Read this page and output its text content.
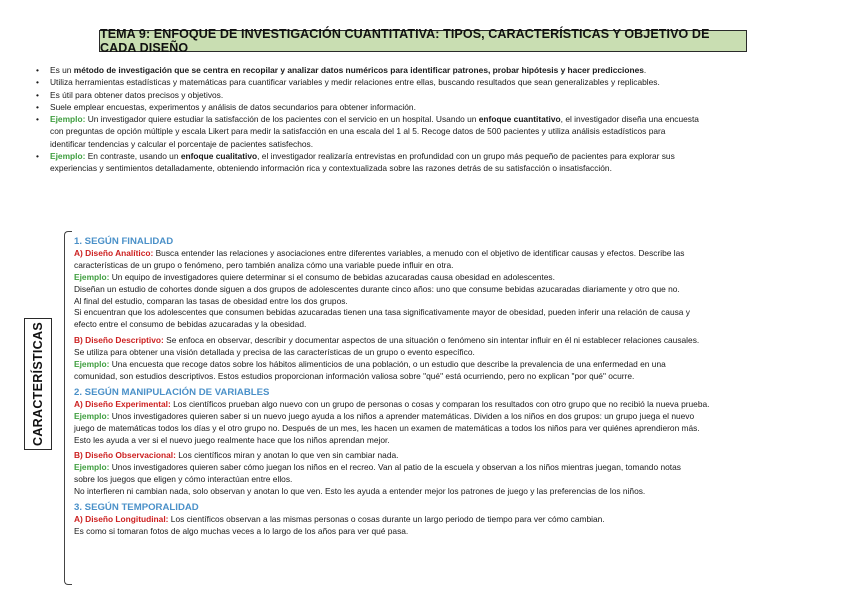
TEMA 9: ENFOQUE DE INVESTIGACIÓN CUANTITATIVA: TIPOS, CARACTERÍSTICAS Y OBJETIVO DE CADA DISEÑO
• Es un método de investigación que se centra en recopilar y analizar datos numéricos para identificar patrones, probar hipótesis y hacer predicciones.
• Utiliza herramientas estadísticas y matemáticas para cuantificar variables y medir relaciones entre ellas, buscando resultados que sean generalizables y replicables.
• Es útil para obtener datos precisos y objetivos.
• Suele emplear encuestas, experimentos y análisis de datos secundarios para obtener información.
• Ejemplo: Un investigador quiere estudiar la satisfacción de los pacientes con el servicio en un hospital. Usando un enfoque cuantitativo, el investigador diseña una encuesta
con preguntas de opción múltiple y escala Likert para medir la satisfacción en una escala del 1 al 5. Recoge datos de 500 pacientes y utiliza análisis estadísticos para
identificar tendencias y calcular el porcentaje de pacientes satisfechos.
• Ejemplo: En contraste, usando un enfoque cualitativo, el investigador realizaría entrevistas en profundidad con un grupo más pequeño de pacientes para explorar sus
experiencias y sentimientos detalladamente, obteniendo información rica y contextualizada sobre las razones detrás de su satisfacción o insatisfacción.
CARACTERÍSTICAS
1. SEGÚN FINALIDAD
A) Diseño Analítico: Busca entender las relaciones y asociaciones entre diferentes variables, a menudo con el objetivo de identificar causas y efectos. Describe las
características de un grupo o fenómeno, pero también analiza cómo una variable puede influir en otra.
Ejemplo: Un equipo de investigadores quiere determinar si el consumo de bebidas azucaradas causa obesidad en adolescentes.
Diseñan un estudio de cohortes donde siguen a dos grupos de adolescentes durante cinco años: uno que consume bebidas azucaradas diariamente y otro que no.
Al final del estudio, comparan las tasas de obesidad entre los dos grupos.
Si encuentran que los adolescentes que consumen bebidas azucaradas tienen una tasa significativamente mayor de obesidad, pueden inferir una relación de causa y
efecto entre el consumo de bebidas azucaradas y la obesidad.
B) Diseño Descriptivo: Se enfoca en observar, describir y documentar aspectos de una situación o fenómeno sin intentar influir en él ni establecer relaciones causales.
Se utiliza para obtener una visión detallada y precisa de las características de un grupo o evento específico.
Ejemplo: Una encuesta que recoge datos sobre los hábitos alimenticios de una población, o un estudio que describe la prevalencia de una enfermedad en una
comunidad, son estudios descriptivos. Estos estudios proporcionan información valiosa sobre "qué" está ocurriendo, pero no explican "por qué" ocurre.
2. SEGÚN MANIPULACIÓN DE VARIABLES
A) Diseño Experimental: Los científicos prueban algo nuevo con un grupo de personas o cosas y comparan los resultados con otro grupo que no recibió la nueva prueba.
Ejemplo: Unos investigadores quieren saber si un nuevo juego ayuda a los niños a aprender matemáticas. Dividen a los niños en dos grupos: un grupo juega el nuevo
juego de matemáticas todos los días y el otro grupo no. Después de un mes, les hacen un examen de matemáticas a todos los niños para ver quiénes aprendieron más.
Esto les ayuda a ver si el nuevo juego realmente hace que los niños aprendan mejor.
B) Diseño Observacional: Los científicos miran y anotan lo que ven sin cambiar nada.
Ejemplo: Unos investigadores quieren saber cómo juegan los niños en el recreo. Van al patio de la escuela y observan a los niños mientras juegan, tomando notas
sobre los juegos que eligen y cómo interactúan entre ellos.
No interfieren ni cambian nada, solo observan y anotan lo que ven. Esto les ayuda a entender mejor los patrones de juego y las preferencias de los niños.
3. SEGÚN TEMPORALIDAD
A) Diseño Longitudinal: Los científicos observan a las mismas personas o cosas durante un largo periodo de tiempo para ver cómo cambian.
Es como si tomaran fotos de algo muchas veces a lo largo de los años para ver qué pasa.
